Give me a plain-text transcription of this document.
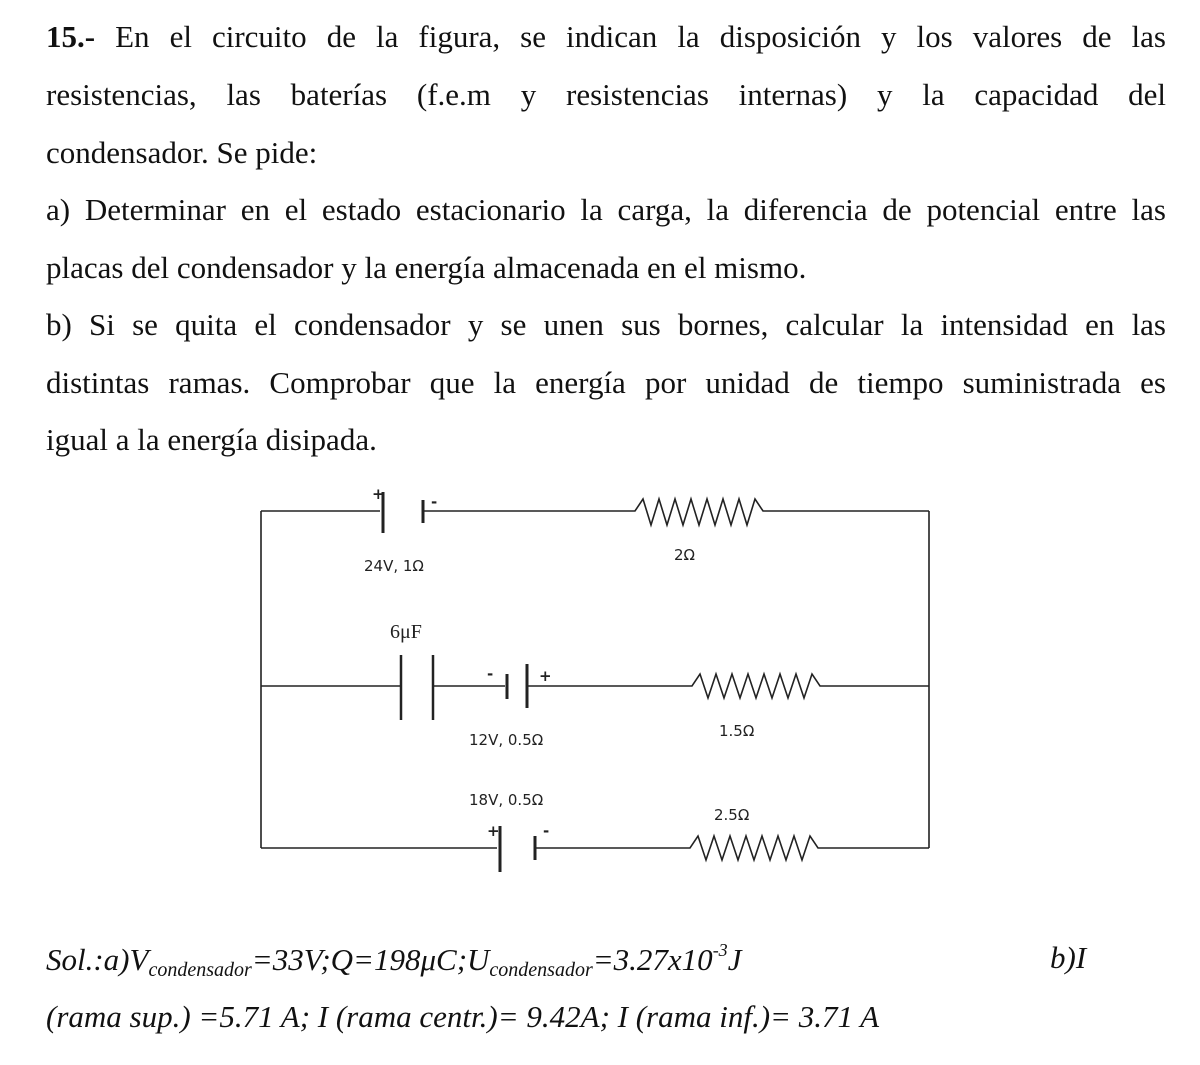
15.- En el circuito de la figura, se indican la disposición y los valores de las

resistencias, las baterías (f.e.m y resistencias internas) y la capacidad del

condensador. Se pide:

a) Determinar en el estado estacionario la carga, la diferencia de potencial entre las

placas del condensador y la energía almacenada en el mismo.

b) Si se quita el condensador y se unen sus bornes, calcular la intensidad en las

distintas ramas. Comprobar que la energía por unidad de tiempo suministrada es

igual a la energía disipada.

+	-
-	+
+	-
24V, 1Ω
2Ω
6μF
12V, 0.5Ω	1.5Ω
18V, 0.5Ω
2.5Ω
$Sol.:a)V_{condensador}=33V;Q=198\mu C;U_{condensador}=3.27x10^{-3}J$	b)I
(rama sup.) =5.71 A; I (rama centr.)= 9.42A; I (rama inf.)= 3.71 A
